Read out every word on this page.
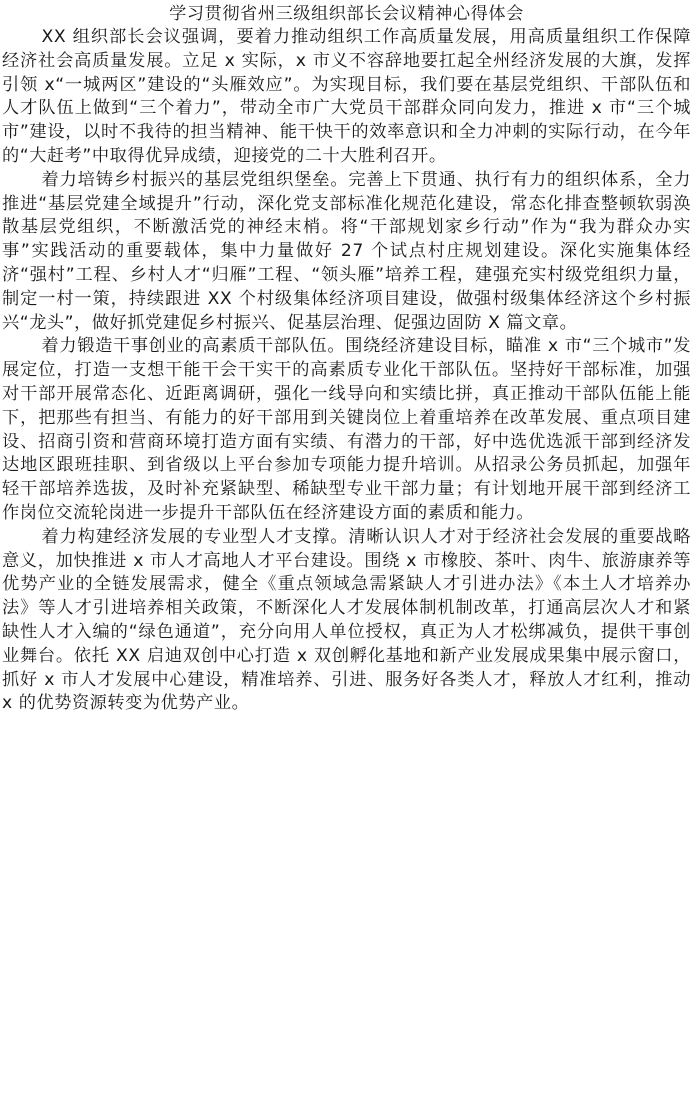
学习贯彻省州三级组织部长会议精神心得体会

XX 组织部长会议强调，要着力推动组织工作高质量发展，用高质量组织工作保障经济社会高质量发展。立足 x 实际，x 市义不容辞地要扛起全州经济发展的大旗，发挥引领 x“一城两区”建设的“头雁效应”。为实现目标，我们要在基层党组织、干部队伍和人才队伍上做到“三个着力”，带动全市广大党员干部群众同向发力，推进 x 市“三个城市”建设，以时不我待的担当精神、能干快干的效率意识和全力冲刺的实际行动，在今年的“大赶考”中取得优异成绩，迎接党的二十大胜利召开。

着力培铸乡村振兴的基层党组织堡垒。完善上下贯通、执行有力的组织体系，全力推进“基层党建全域提升”行动，深化党支部标准化规范化建设，常态化排查整顿软弱涣散基层党组织，不断激活党的神经末梢。将“干部规划家乡行动”作为“我为群众办实事”实践活动的重要载体，集中力量做好 27 个试点村庄规划建设。深化实施集体经济“强村”工程、乡村人才“归雁”工程、“领头雁”培养工程，建强充实村级党组织力量，制定一村一策，持续跟进 XX 个村级集体经济项目建设，做强村级集体经济这个乡村振兴“龙头”，做好抓党建促乡村振兴、促基层治理、促强边固防 X 篇文章。

着力锻造干事创业的高素质干部队伍。围绕经济建设目标，瞄准 x 市“三个城市”发展定位，打造一支想干能干会干实干的高素质专业化干部队伍。坚持好干部标准，加强对干部开展常态化、近距离调研，强化一线导向和实绩比拼，真正推动干部队伍能上能下，把那些有担当、有能力的好干部用到关键岗位上着重培养在改革发展、重点项目建设、招商引资和营商环境打造方面有实绩、有潜力的干部，好中选优选派干部到经济发达地区跟班挂职、到省级以上平台参加专项能力提升培训。从招录公务员抓起，加强年轻干部培养选拔，及时补充紧缺型、稀缺型专业干部力量；有计划地开展干部到经济工作岗位交流轮岗进一步提升干部队伍在经济建设方面的素质和能力。

着力构建经济发展的专业型人才支撑。清晰认识人才对于经济社会发展的重要战略意义，加快推进 x 市人才高地人才平台建设。围绕 x 市橡胶、茶叶、肉牛、旅游康养等优势产业的全链发展需求，健全《重点领域急需紧缺人才引进办法》《本土人才培养办法》等人才引进培养相关政策，不断深化人才发展体制机制改革，打通高层次人才和紧缺性人才入编的“绿色通道”，充分向用人单位授权，真正为人才松绑减负，提供干事创业舞台。依托 XX 启迪双创中心打造 x 双创孵化基地和新产业发展成果集中展示窗口，抓好 x 市人才发展中心建设，精准培养、引进、服务好各类人才，释放人才红利，推动 x 的优势资源转变为优势产业。
